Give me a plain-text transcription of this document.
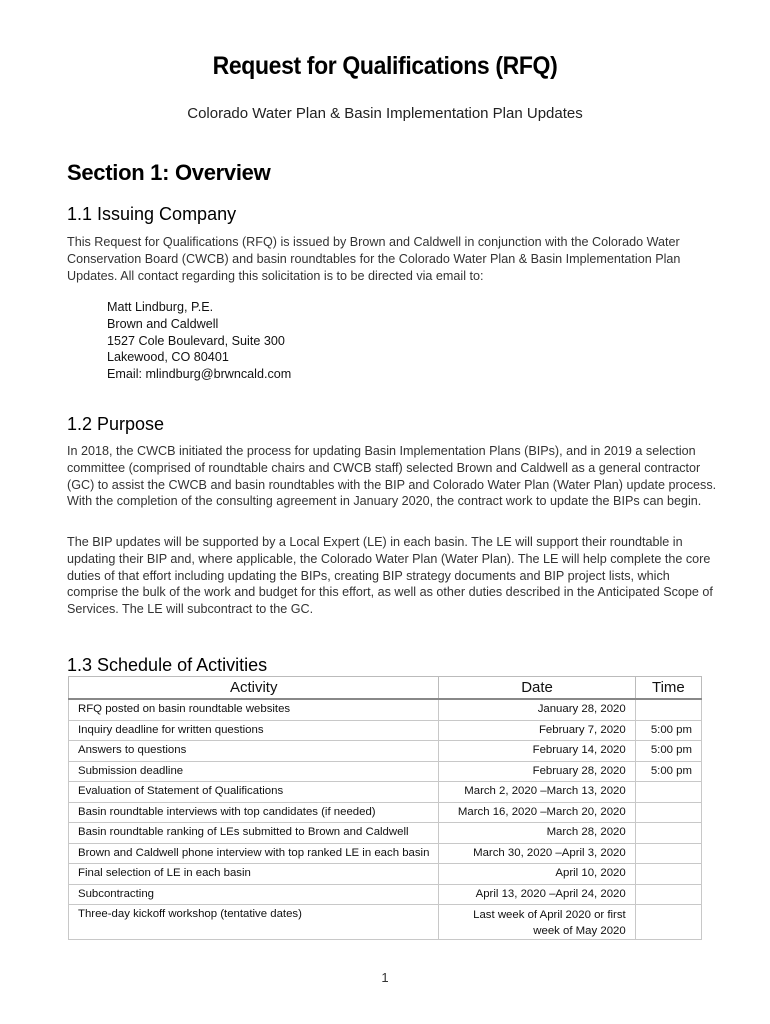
Request for Qualifications (RFQ)
Colorado Water Plan & Basin Implementation Plan Updates
Section 1: Overview
1.1 Issuing Company

This Request for Qualifications (RFQ) is issued by Brown and Caldwell in conjunction with the Colorado Water Conservation Board (CWCB) and basin roundtables for the Colorado Water Plan & Basin Implementation Plan Updates. All contact regarding this solicitation is to be directed via email to:

Matt Lindburg, P.E.
Brown and Caldwell
1527 Cole Boulevard, Suite 300
Lakewood, CO 80401
Email: mlindburg@brwncald.com
1.2 Purpose

In 2018, the CWCB initiated the process for updating Basin Implementation Plans (BIPs), and in 2019 a selection committee (comprised of roundtable chairs and CWCB staff) selected Brown and Caldwell as a general contractor (GC) to assist the CWCB and basin roundtables with the BIP and Colorado Water Plan (Water Plan) update process. With the completion of the consulting agreement in January 2020, the contract work to update the BIPs can begin.

The BIP updates will be supported by a Local Expert (LE) in each basin. The LE will support their roundtable in updating their BIP and, where applicable, the Colorado Water Plan (Water Plan). The LE will help complete the core duties of that effort including updating the BIPs, creating BIP strategy documents and BIP project lists, which comprise the bulk of the work and budget for this effort, as well as other duties described in the Anticipated Scope of Services. The LE will subcontract to the GC.

1.3 Schedule of Activities
Activity	Date	Time
RFQ posted on basin roundtable websites	January 28, 2020	
Inquiry deadline for written questions	February 7, 2020	5:00 pm
Answers to questions	February 14, 2020	5:00 pm
Submission deadline	February 28, 2020	5:00 pm
Evaluation of Statement of Qualifications	March 2, 2020 –March 13, 2020	
Basin roundtable interviews with top candidates (if needed)	March 16, 2020 –March 20, 2020	
Basin roundtable ranking of LEs submitted to Brown and Caldwell	March 28, 2020	
Brown and Caldwell phone interview with top ranked LE in each basin	March 30, 2020 –April 3, 2020	
Final selection of LE in each basin	April 10, 2020	
Subcontracting	April 13, 2020 –April 24, 2020	
Three-day kickoff workshop (tentative dates)	Last week of April 2020 or first week of May 2020	
1
